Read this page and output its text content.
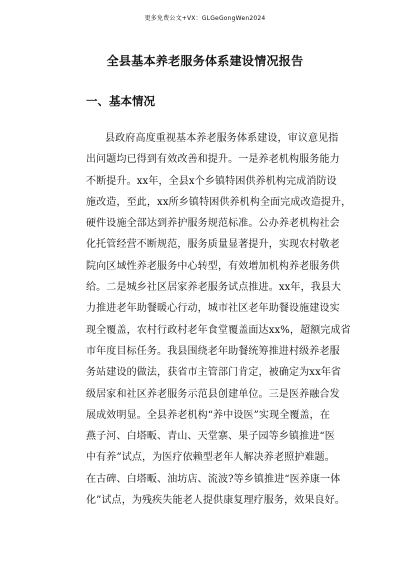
更多免费公文+VX：GLGeGongWen2024
全县基本养老服务体系建设情况报告
一、基本情况
县政府高度重视基本养老服务体系建设，审议意见指
出问题均已得到有效改善和提升。一是养老机构服务能力
不断提升。xx年，全县x个乡镇特困供养机构完成消防设
施改造，至此，xx所乡镇特困供养机构全面完成改造提升，
硬件设施全部达到养护服务规范标准。公办养老机构社会
化托管经营不断规范，服务质量显著提升，实现农村敬老
院向区域性养老服务中心转型，有效增加机构养老服务供
给。二是城乡社区居家养老服务试点推进。xx年，我县大
力推进老年助餐暖心行动，城市社区老年助餐设施建设实
现全覆盖，农村行政村老年食堂覆盖面达xx%，超额完成省
市年度目标任务。我县围绕老年助餐统筹推进村级养老服
务站建设的做法，获省市主管部门肯定，被确定为xx年省
级居家和社区养老服务示范县创建单位。三是医养融合发
展成效明显。全县养老机构“养中设医”实现全覆盖，在
燕子河、白塔畈、青山、天堂寨、果子园等乡镇推进“医
中有养”试点，为医疗依赖型老年人解决养老照护难题。
在古碑、白塔畈、油坊店、流波?等乡镇推进“医养康一体
化”试点，为残疾失能老人提供康复理疗服务，效果良好。
